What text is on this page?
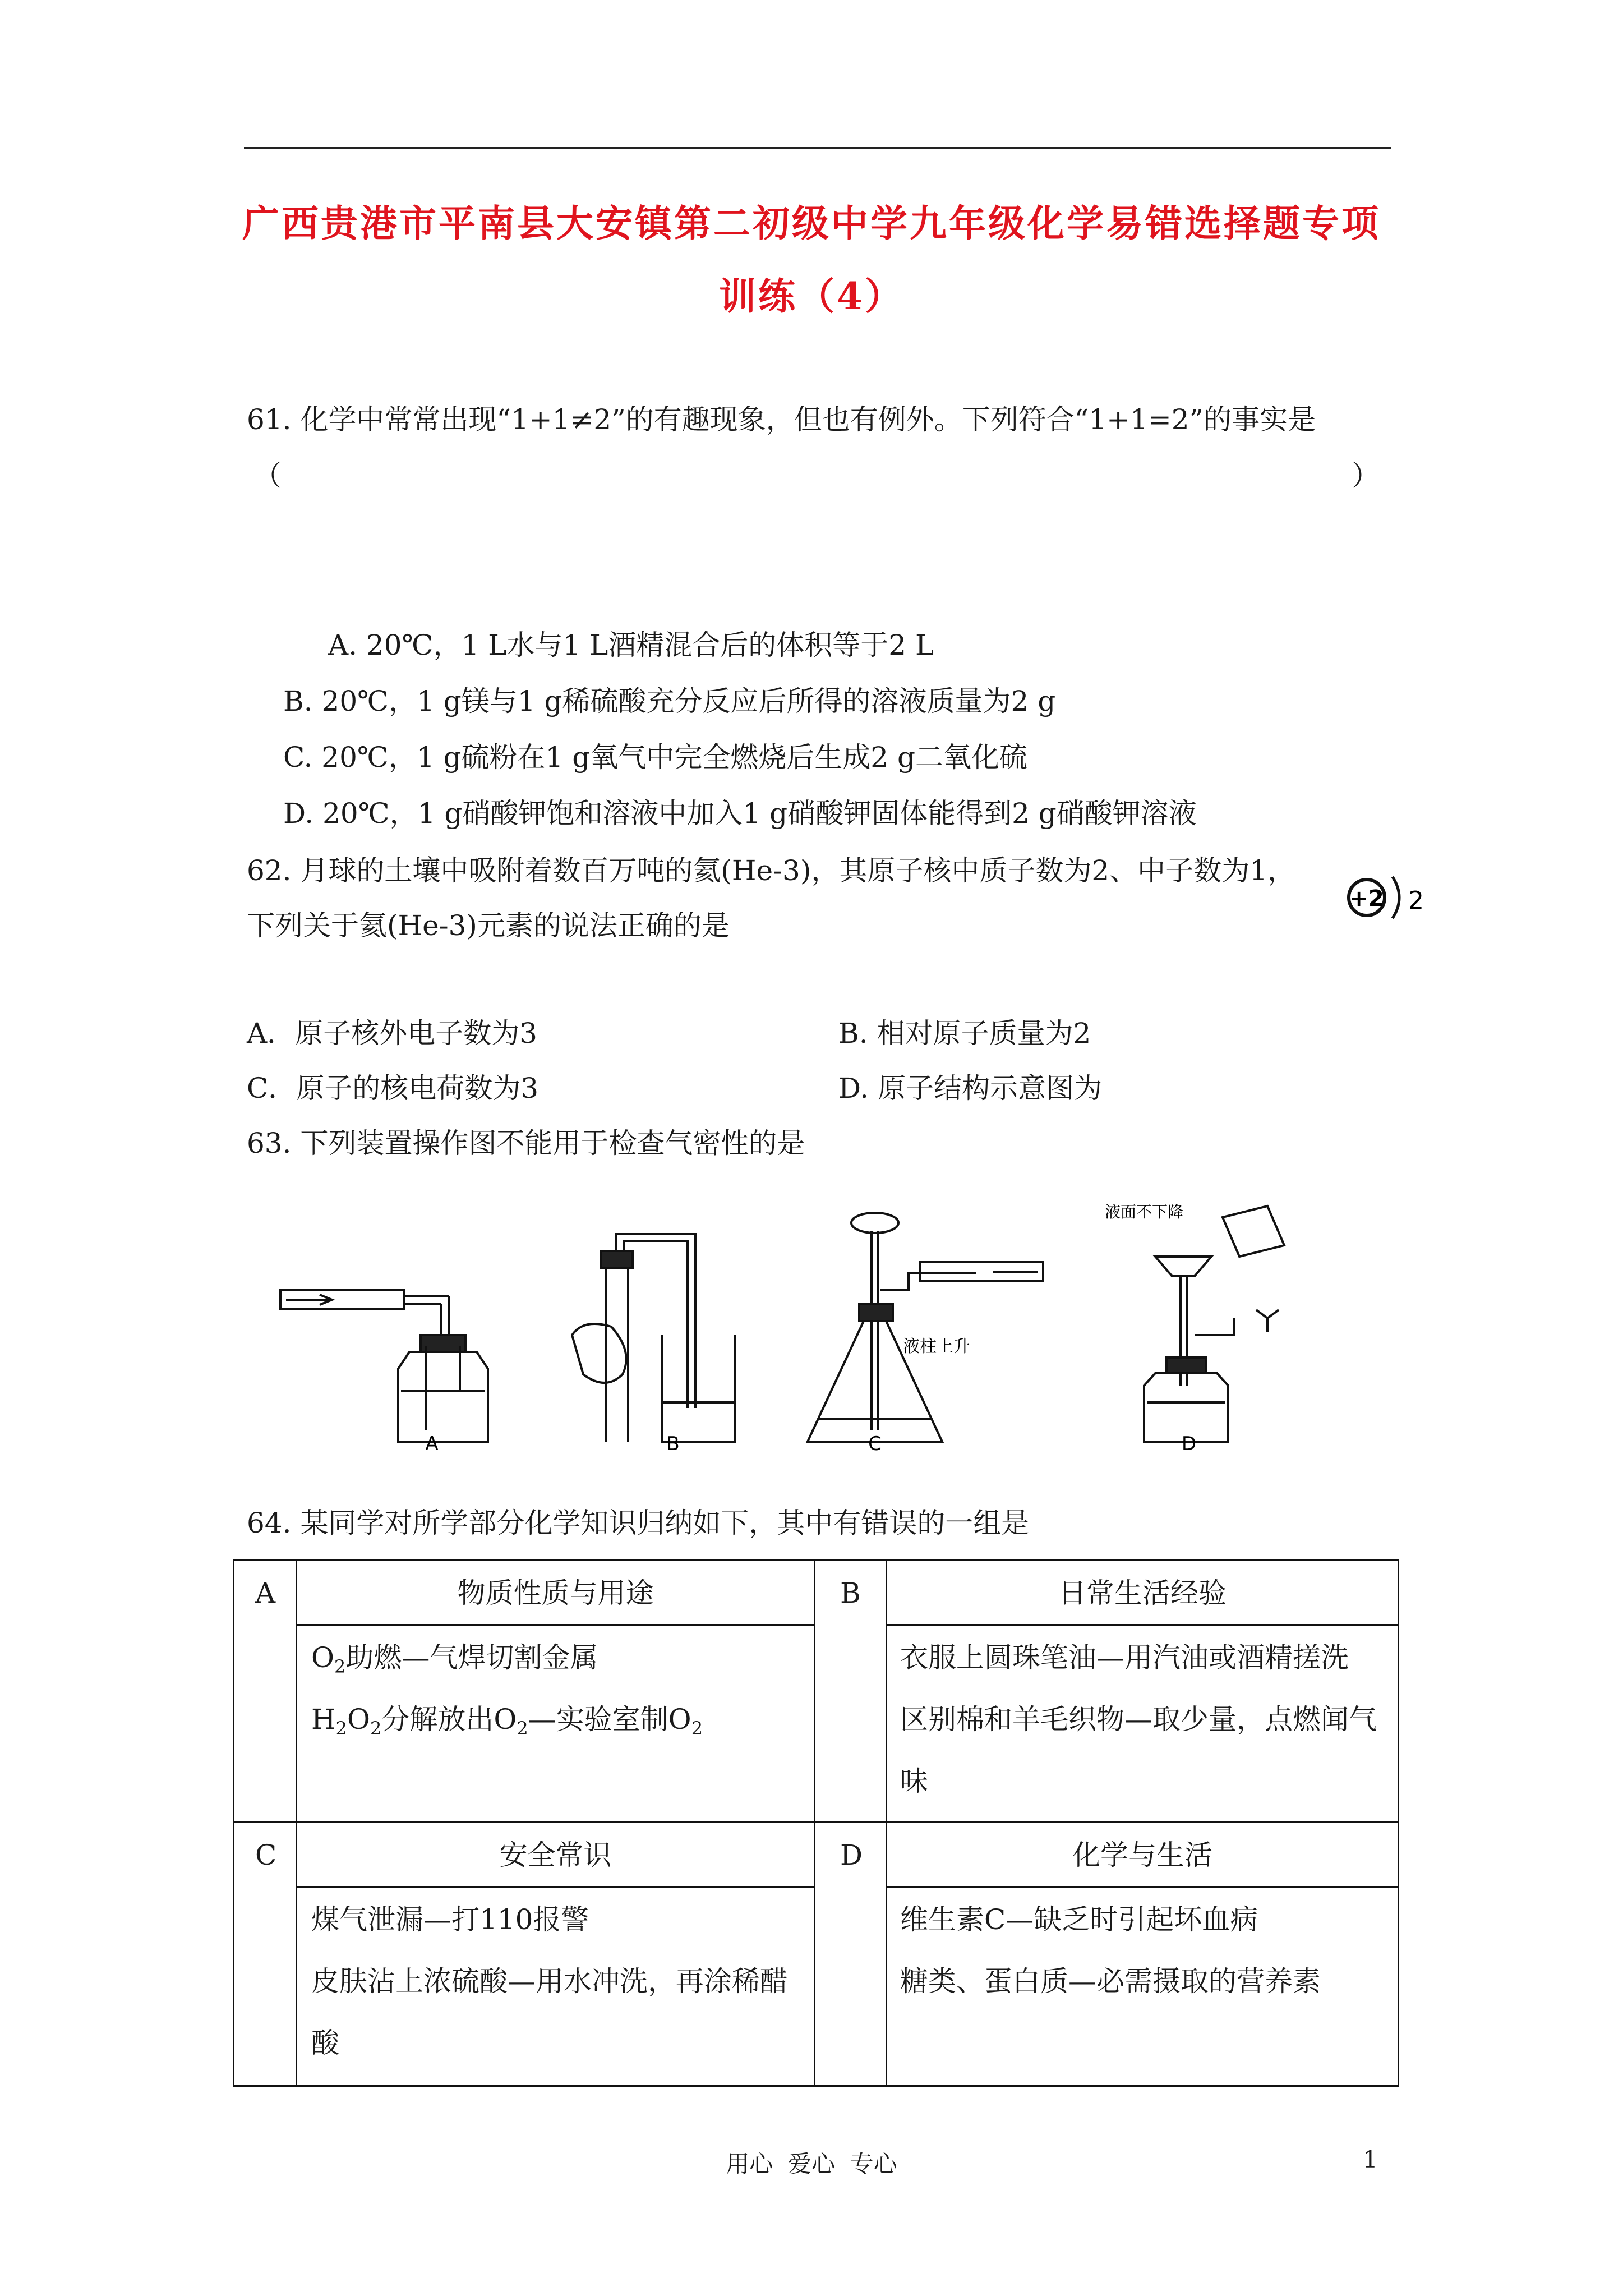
广西贵港市平南县大安镇第二初级中学九年级化学易错选择题专项
训练（4）
61. 化学中常常出现“1+1≠2”的有趣现象，但也有例外。下列符合“1+1=2”的事实是
（	）
A. 20℃，1 L水与1 L酒精混合后的体积等于2 L
B. 20℃，1 g镁与1 g稀硫酸充分反应后所得的溶液质量为2 g
C. 20℃，1 g硫粉在1 g氧气中完全燃烧后生成2 g二氧化硫
D. 20℃，1 g硝酸钾饱和溶液中加入1 g硝酸钾固体能得到2 g硝酸钾溶液
62. 月球的土壤中吸附着数百万吨的氦(He-3)，其原子核中质子数为2、中子数为1，
下列关于氦(He-3)元素的说法正确的是
+2 2
A．原子核外电子数为3	B. 相对原子质量为2
C．原子的核电荷数为3	D. 原子结构示意图为
63. 下列装置操作图不能用于检查气密性的是
A	B	C	D
液柱上升
液面不下降
64. 某同学对所学部分化学知识归纳如下，其中有错误的一组是
A	物质性质与用途
$O_2$助燃—气焊切割金属
$H_2O_2$分解放出$O_2—$实验室制$O_2$
B	日常生活经验
衣服上圆珠笔油—用汽油或酒精搓洗
区别棉和羊毛织物—取少量，点燃闻气
味
C	安全常识
煤气泄漏—打110报警
皮肤沾上浓硫酸—用水冲洗，再涂稀醋
酸
D	化学与生活
维生素C—缺乏时引起坏血病
糖类、蛋白质—必需摄取的营养素
用心  爱心  专心	1
